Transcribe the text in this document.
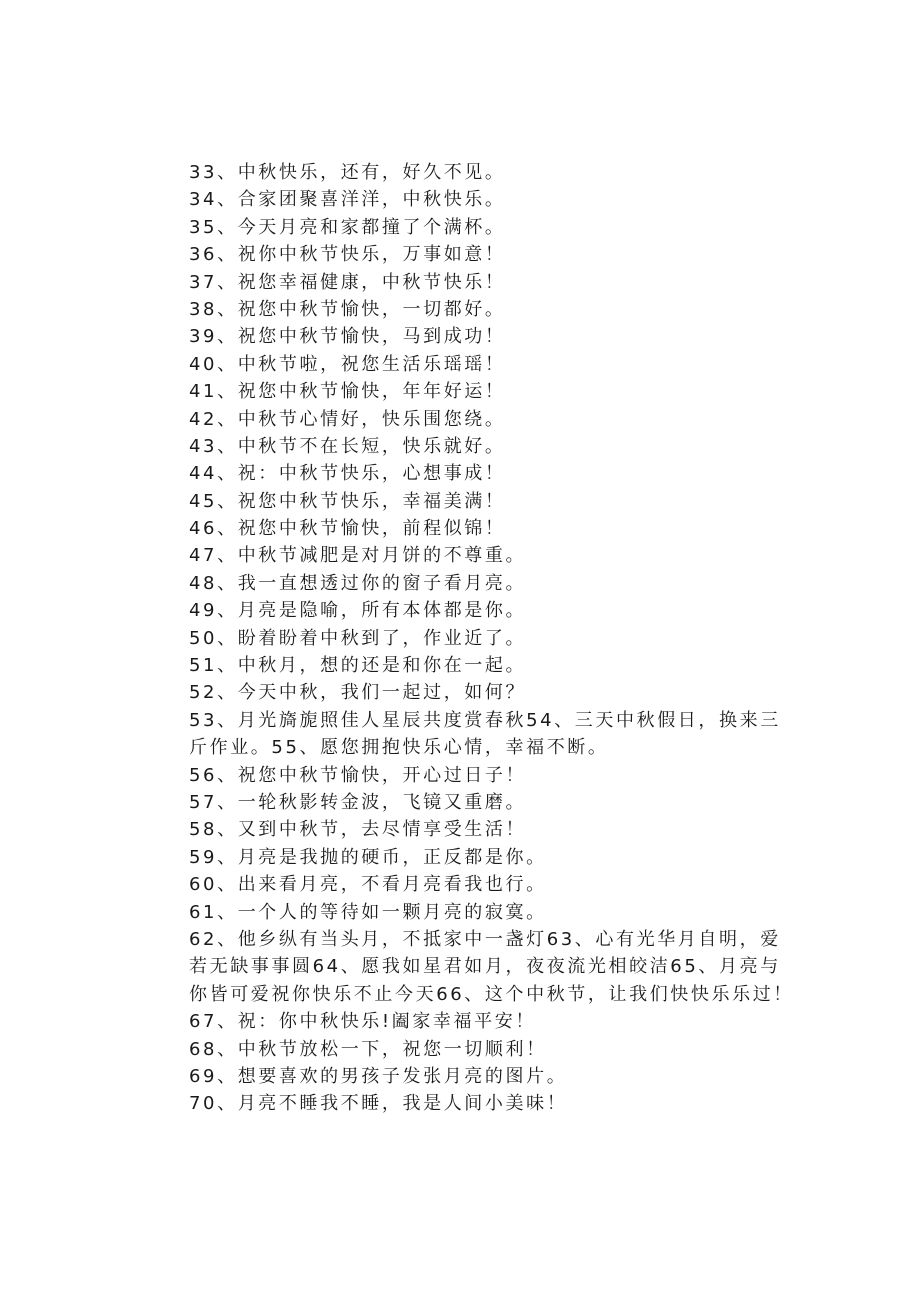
33、中秋快乐，还有，好久不见。
34、合家团聚喜洋洋，中秋快乐。
35、今天月亮和家都撞了个满杯。
36、祝你中秋节快乐，万事如意！
37、祝您幸福健康，中秋节快乐！
38、祝您中秋节愉快，一切都好。
39、祝您中秋节愉快，马到成功！
40、中秋节啦，祝您生活乐瑶瑶！
41、祝您中秋节愉快，年年好运！
42、中秋节心情好，快乐围您绕。
43、中秋节不在长短，快乐就好。
44、祝：中秋节快乐，心想事成！
45、祝您中秋节快乐，幸福美满！
46、祝您中秋节愉快，前程似锦！
47、中秋节减肥是对月饼的不尊重。
48、我一直想透过你的窗子看月亮。
49、月亮是隐喻，所有本体都是你。
50、盼着盼着中秋到了，作业近了。
51、中秋月，想的还是和你在一起。
52、今天中秋，我们一起过，如何？
53、月光旖旎照佳人星辰共度赏春秋54、三天中秋假日，换来三
斤作业。55、愿您拥抱快乐心情，幸福不断。
56、祝您中秋节愉快，开心过日子！
57、一轮秋影转金波，飞镜又重磨。
58、又到中秋节，去尽情享受生活！
59、月亮是我抛的硬币，正反都是你。
60、出来看月亮，不看月亮看我也行。
61、一个人的等待如一颗月亮的寂寞。
62、他乡纵有当头月，不抵家中一盏灯63、心有光华月自明，爱
若无缺事事圆64、愿我如星君如月，夜夜流光相皎洁65、月亮与
你皆可爱祝你快乐不止今天66、这个中秋节，让我们快快乐乐过！
67、祝：你中秋快乐!阖家幸福平安！
68、中秋节放松一下，祝您一切顺利！
69、想要喜欢的男孩子发张月亮的图片。
70、月亮不睡我不睡，我是人间小美味！
